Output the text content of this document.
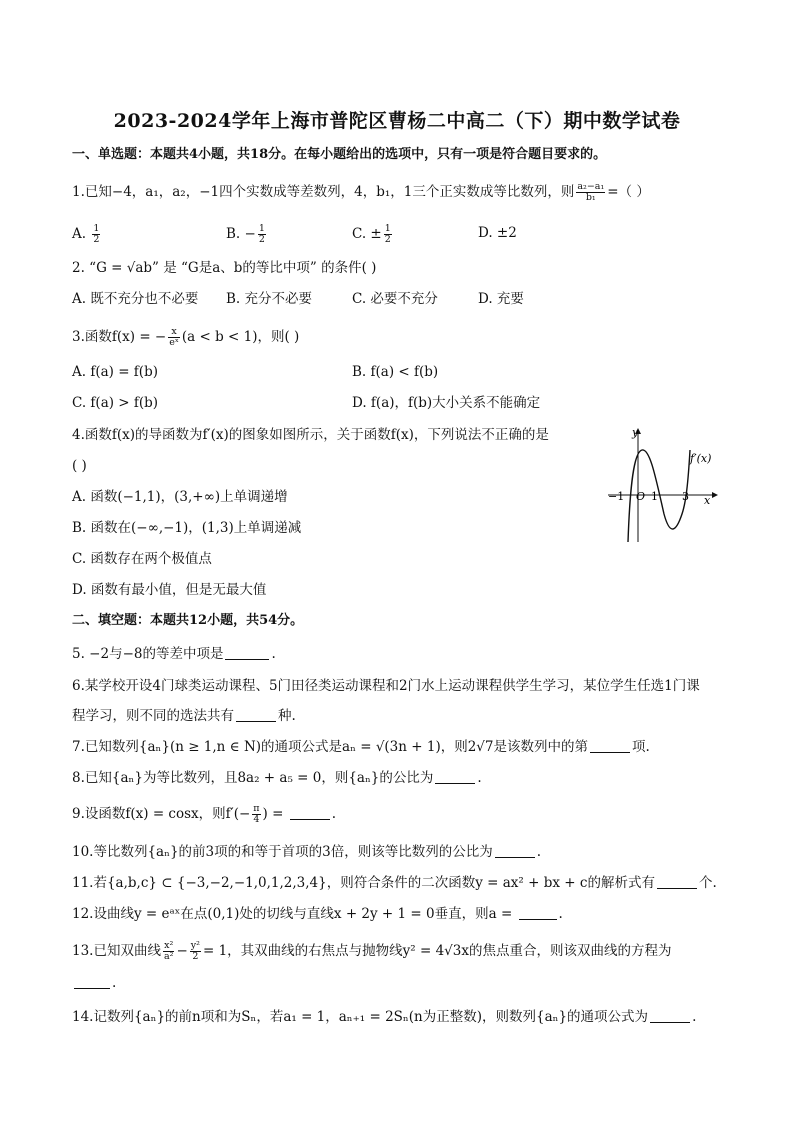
2023-2024学年上海市普陀区曹杨二中高二（下）期中数学试卷
一、单选题：本题共4小题，共18分。在每小题给出的选项中，只有一项是符合题目要求的。
1.已知−4，a₁，a₂，−1四个实数成等差数列，4，b₁，1三个正实数成等比数列，则 $\frac{\text{a₂−a₁}}{\text{b₁}}$ =（ ）
A. $\frac{1}{2}$	B. − $\frac{1}{2}$	C. ± $\frac{1}{2}$	D. ±2
2. “G = √ab” 是 “G是a、b的等比中项” 的条件( )
A. 既不充分也不必要 B. 充分不必要	C. 必要不充分	D. 充要
3.函数f(x) = − $\frac{x}{\text{eˣ}} (a < b < 1)$，则( )
A. f(a) = f(b)	B. f(a) < f(b)
C. f(a) > f(b)	D. f(a)，f(b)大小关系不能确定
4.函数f(x)的导函数为f′(x)的图象如图所示，关于函数f(x)，下列说法不正确的是
( )
A. 函数(−1,1)，(3,+∞)上单调递增
B. 函数在(−∞,−1)，(1,3)上单调递减
C. 函数存在两个极值点
D. 函数有最小值，但是无最大值
y
x
f′(x)
−1 O 1 3
二、填空题：本题共12小题，共54分。
5. −2与−8的等差中项是	.
6.某学校开设4门球类运动课程、5门田径类运动课程和2门水上运动课程供学生学习，某位学生任选1门课
程学习，则不同的选法共有	种.
7.已知数列{aₙ}(n ≥ 1,n ∈ N)的通项公式是aₙ = √(3n + 1)，则2√7是该数列中的第	项.
8.已知{aₙ}为等比数列，且8a₂ + a₅ = 0，则{aₙ}的公比为	.
9.设函数f(x) = cosx，则$f'(- \frac{\pi}{4}$ ) =	.
10.等比数列{aₙ}的前3项的和等于首项的3倍，则该等比数列的公比为	.
11.若{a,b,c} ⊂ {−3,−2,−1,0,1,2,3,4}，则符合条件的二次函数y = ax² + bx + c的解析式有	个.
12.设曲线y = eᵃˣ在点(0,1)处的切线与直线x + 2y + 1 = 0垂直，则a =	.
13.已知双曲线 $\frac{\text{x²}}{\text{a²}} - \frac{\text{y²}}{2} = 1$，其双曲线的右焦点与抛物线y² = 4√3x的焦点重合，则该双曲线的方程为
.
14.记数列{aₙ}的前n项和为Sₙ，若a₁ = 1，aₙ₊₁ = 2Sₙ(n为正整数)，则数列{aₙ}的通项公式为	.
